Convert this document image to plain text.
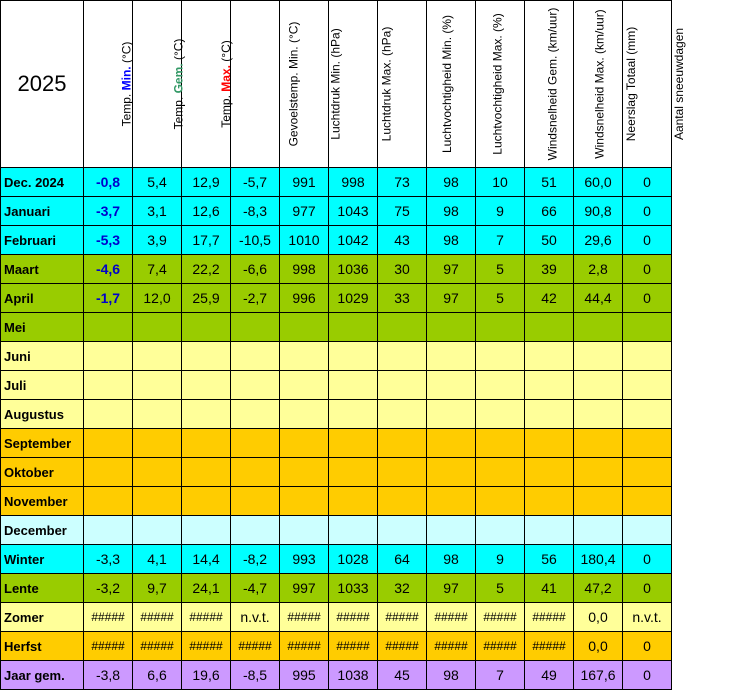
2025	Temp. Min. (°C)	Temp. Gem. (°C)	Temp. Max. (°C)	Gevoelstemp. Min. (°C)	Luchtdruk Min. (hPa)	Luchtdruk Max. (hPa)	Luchtvochtigheid Min. (%)	Luchtvochtigheid Max. (%)	Windsnelheid Gem. (km/uur)	Windsnelheid Max. (km/uur)	Neerslag Totaal (mm)	Aantal sneeuwdagen
Dec. 2024	-0,8	5,4	12,9	-5,7	991	998	73	98	10	51	60,0	0
Januari	-3,7	3,1	12,6	-8,3	977	1043	75	98	9	66	90,8	0
Februari	-5,3	3,9	17,7	-10,5	1010	1042	43	98	7	50	29,6	0
Maart	-4,6	7,4	22,2	-6,6	998	1036	30	97	5	39	2,8	0
April	-1,7	12,0	25,9	-2,7	996	1029	33	97	5	42	44,4	0
Mei												
Juni												
Juli												
Augustus												
September												
Oktober												
November												
December												
Winter	-3,3	4,1	14,4	-8,2	993	1028	64	98	9	56	180,4	0
Lente	-3,2	9,7	24,1	-4,7	997	1033	32	97	5	41	47,2	0
Zomer	#####	#####	#####	n.v.t.	#####	#####	#####	#####	#####	#####	0,0	n.v.t.
Herfst	#####	#####	#####	#####	#####	#####	#####	#####	#####	#####	0,0	0
Jaar gem.	-3,8	6,6	19,6	-8,5	995	1038	45	98	7	49	167,6	0
